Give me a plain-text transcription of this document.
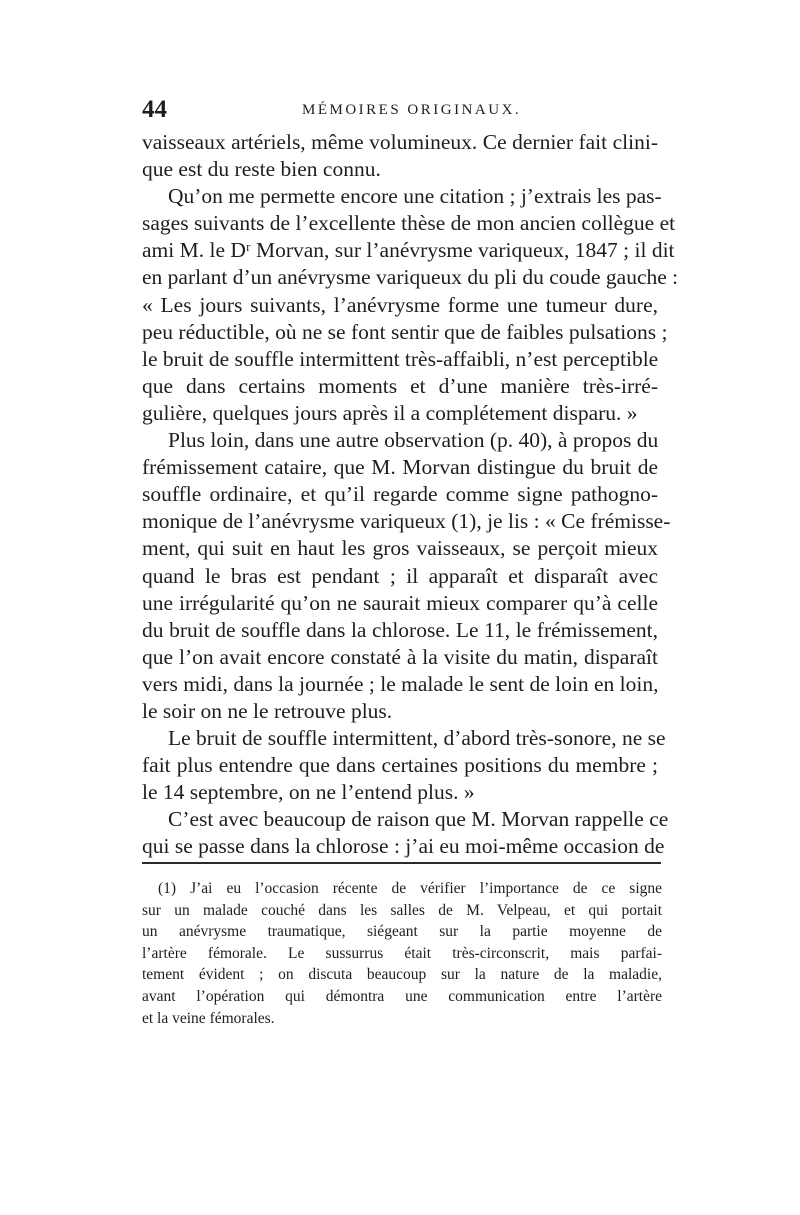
44	MÉMOIRES ORIGINAUX.
vaisseaux artériels, même volumineux. Ce dernier fait clini-
que est du reste bien connu.
Qu’on me permette encore une citation ; j’extrais les pas-
sages suivants de l’excellente thèse de mon ancien collègue et
ami M. le Dʳ Morvan, sur l’anévrysme variqueux, 1847 ; il dit
en parlant d’un anévrysme variqueux du pli du coude gauche :
« Les jours suivants, l’anévrysme forme une tumeur dure,
peu réductible, où ne se font sentir que de faibles pulsations ;
le bruit de souffle intermittent très-affaibli, n’est perceptible
que dans certains moments et d’une manière très-irré-
gulière, quelques jours après il a complétement disparu. »
Plus loin, dans une autre observation (p. 40), à propos du
frémissement cataire, que M. Morvan distingue du bruit de
souffle ordinaire, et qu’il regarde comme signe pathogno-
monique de l’anévrysme variqueux (1), je lis : « Ce frémisse-
ment, qui suit en haut les gros vaisseaux, se perçoit mieux
quand le bras est pendant ; il apparaît et disparaît avec
une irrégularité qu’on ne saurait mieux comparer qu’à celle
du bruit de souffle dans la chlorose. Le 11, le frémissement,
que l’on avait encore constaté à la visite du matin, disparaît
vers midi, dans la journée ; le malade le sent de loin en loin,
le soir on ne le retrouve plus.
Le bruit de souffle intermittent, d’abord très-sonore, ne se
fait plus entendre que dans certaines positions du membre ;
le 14 septembre, on ne l’entend plus. »
C’est avec beaucoup de raison que M. Morvan rappelle ce
qui se passe dans la chlorose : j’ai eu moi-même occasion de
(1) J’ai eu l’occasion récente de vérifier l’importance de ce signe
sur un malade couché dans les salles de M. Velpeau, et qui portait
un anévrysme traumatique, siégeant sur la partie moyenne de
l’artère fémorale. Le sussurrus était très-circonscrit, mais parfai-
tement évident ; on discuta beaucoup sur la nature de la maladie,
avant l’opération qui démontra une communication entre l’artère
et la veine fémorales.
